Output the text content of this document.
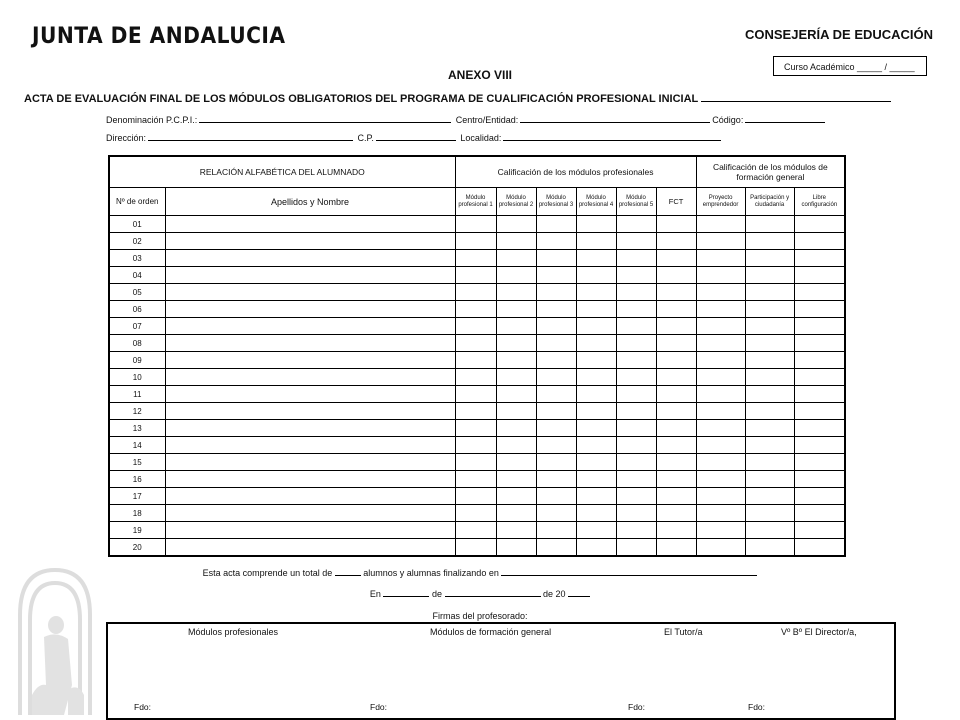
JUNTA DE ANDALUCIA	CONSEJERÍA DE EDUCACIÓN
Curso Académico _____ / _____
ANEXO VIII
ACTA DE EVALUACIÓN FINAL DE LOS MÓDULOS OBLIGATORIOS DEL PROGRAMA DE CUALIFICACIÓN PROFESIONAL INICIAL
Denominación P.C.P.I.:	Centro/Entidad:	Código:
Dirección:	C.P.	Localidad:
RELACIÓN ALFABÉTICA DEL ALUMNADO		Calificación de los módulos profesionales						Calificación de los módulos de formación general		
Nº de orden	Apellidos y Nombre	Módulo profesional 1	Módulo profesional 2	Módulo profesional 3	Módulo profesional 4	Módulo profesional 5	FCT	Proyecto emprendedor	Participación y ciudadanía	Libre configuración
01										
02										
03										
04										
05										
06										
07										
08										
09										
10										
11										
12										
13										
14										
15										
16										
17										
18										
19										
20										
Esta acta comprende un total de	alumnos y alumnas finalizando en
En	de	de 20
Firmas del profesorado:
Módulos profesionales	Módulos de formación general	El Tutor/a	Vº Bº El Director/a,
Fdo:	Fdo:	Fdo:	Fdo:
